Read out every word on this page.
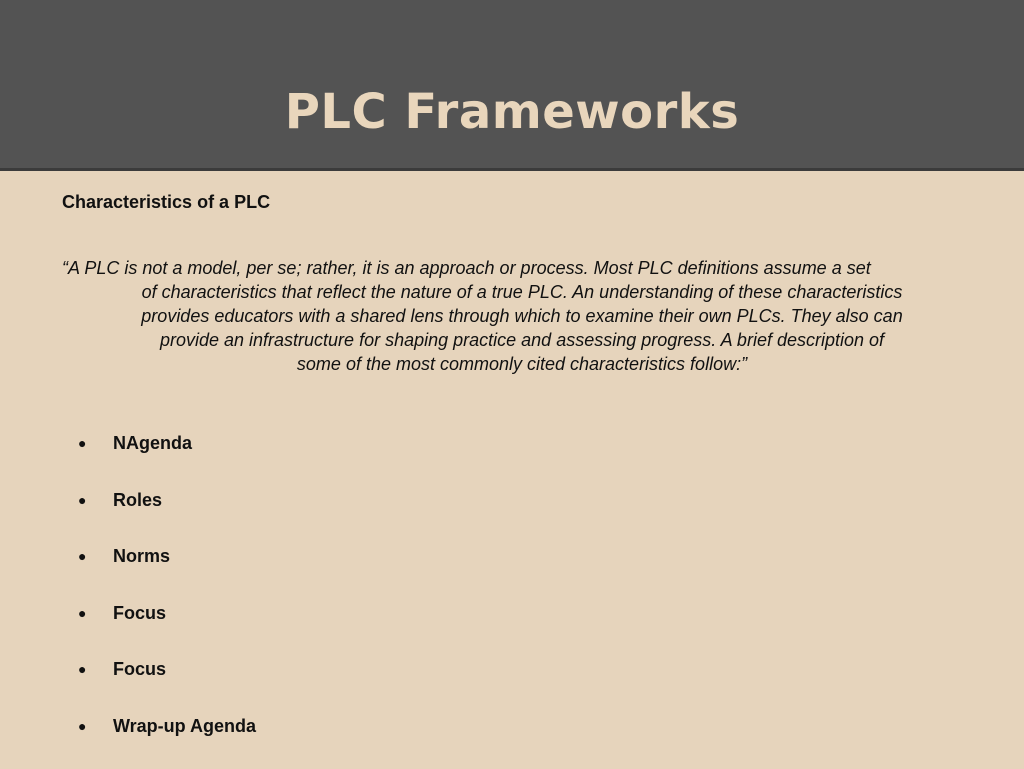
PLC Frameworks
Characteristics of a PLC
“A PLC is not a model, per se; rather, it is an approach or process. Most PLC definitions assume a set
of characteristics that reflect the nature of a true PLC. An understanding of these characteristics
provides educators with a shared lens through which to examine their own PLCs. They also can
provide an infrastructure for shaping practice and assessing progress. A brief description of
some of the most commonly cited characteristics follow:”
● NAgenda
● Roles
● Norms
● Focus
● Focus
● Wrap-up Agenda
